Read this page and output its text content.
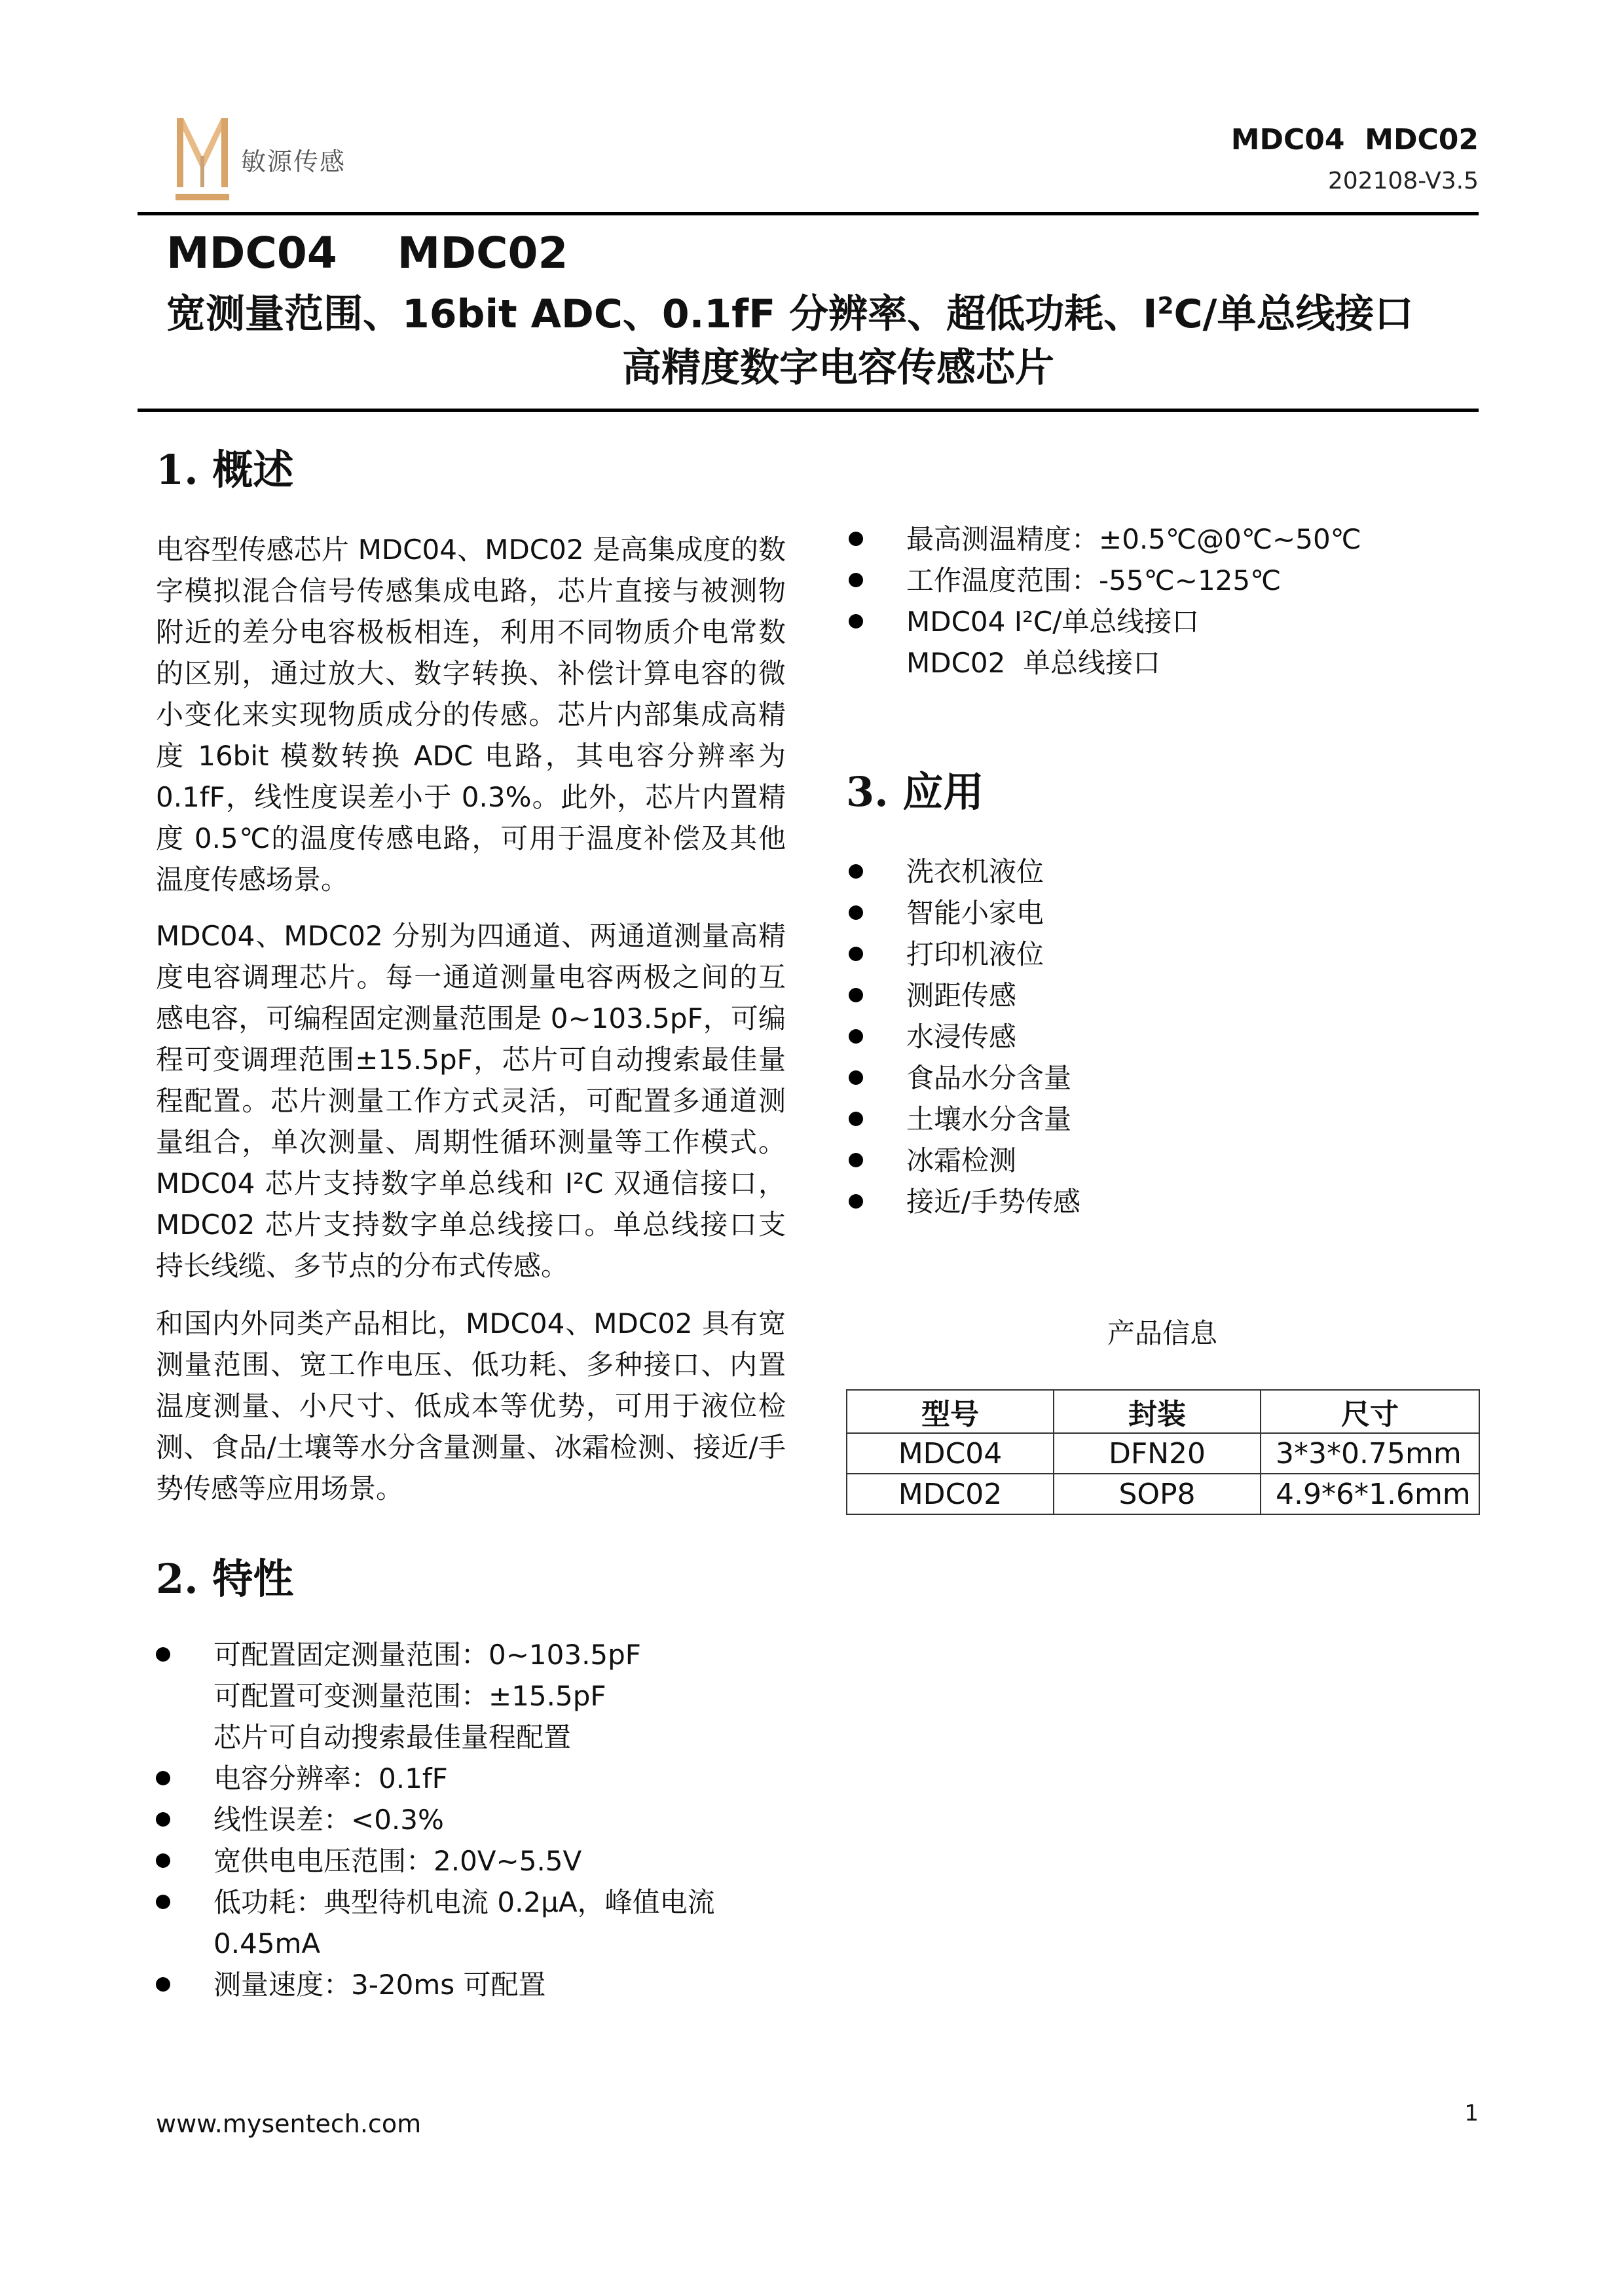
敏源传感
MDC04  MDC02
202108-V3.5
MDC04    MDC02
宽测量范围、16bit ADC、0.1fF 分辨率、超低功耗、$I^2C/$单总线接口
高精度数字电容传感芯片
1. 概述
电容型传感芯片 MDC04、MDC02 是高集成度的数字模拟混合信号传感集成电路，芯片直接与被测物附近的差分电容极板相连，利用不同物质介电常数的区别，通过放大、数字转换、补偿计算电容的微小变化来实现物质成分的传感。芯片内部集成高精度 16bit 模数转换 ADC 电路，其电容分辨率为 0.1fF，线性度误差小于 0.3%。此外，芯片内置精度 0.5℃的温度传感电路，可用于温度补偿及其他温度传感场景。
MDC04、MDC02 分别为四通道、两通道测量高精度电容调理芯片。每一通道测量电容两极之间的互感电容，可编程固定测量范围是 0~103.5pF，可编程可变调理范围±15.5pF，芯片可自动搜索最佳量程配置。芯片测量工作方式灵活，可配置多通道测量组合，单次测量、周期性循环测量等工作模式。MDC04 芯片支持数字单总线和 I²C 双通信接口，MDC02 芯片支持数字单总线接口。单总线接口支持长线缆、多节点的分布式传感。
和国内外同类产品相比，MDC04、MDC02 具有宽测量范围、宽工作电压、低功耗、多种接口、内置温度测量、小尺寸、低成本等优势，可用于液位检测、食品/土壤等水分含量测量、冰霜检测、接近/手势传感等应用场景。
2. 特性
可配置固定测量范围：0~103.5pF
可配置可变测量范围：±15.5pF
芯片可自动搜索最佳量程配置
电容分辨率：0.1fF
线性误差：<0.3%
宽供电电压范围：2.0V~5.5V
低功耗：典型待机电流 0.2μA，峰值电流 0.45mA
测量速度：3-20ms 可配置
最高测温精度：±0.5℃@0℃~50℃
工作温度范围：-55℃~125℃
MDC04 I²C/单总线接口
MDC02  单总线接口
3. 应用
洗衣机液位
智能小家电
打印机液位
测距传感
水浸传感
食品水分含量
土壤水分含量
冰霜检测
接近/手势传感
产品信息
型号	封装	尺寸
MDC04	DFN20	3*3*0.75mm
MDC02	SOP8	4.9*6*1.6mm
www.mysentech.com	1
